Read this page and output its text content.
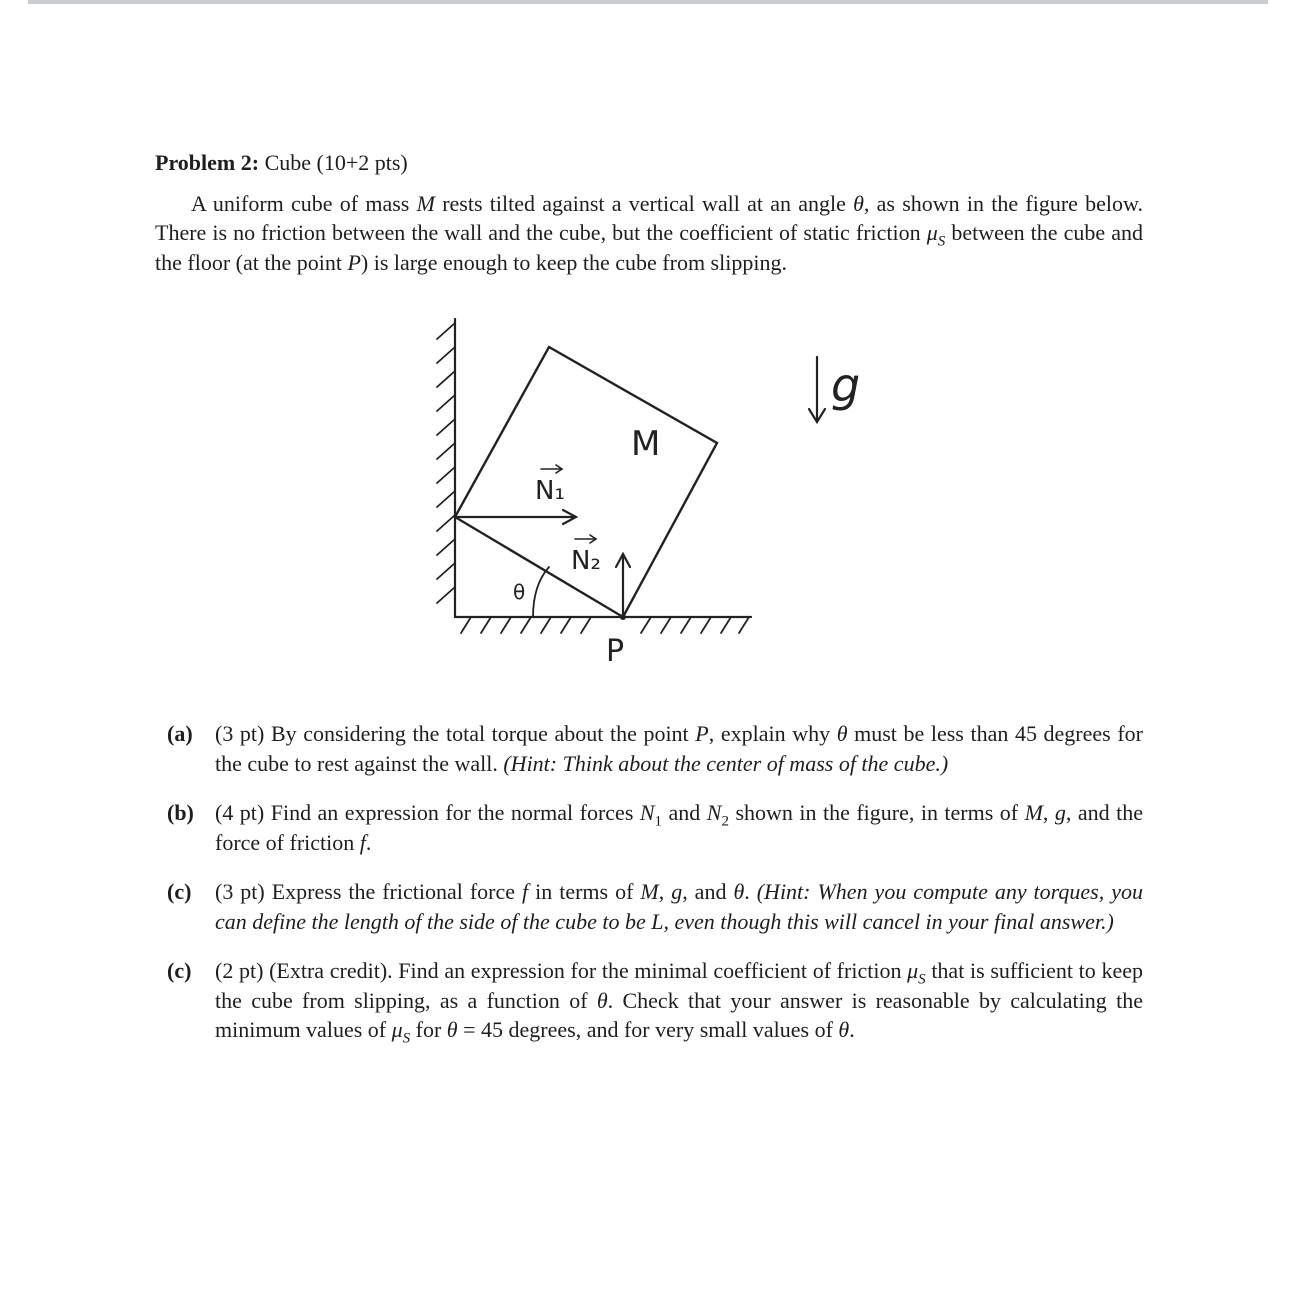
Problem 2: Cube (10+2 pts)

A uniform cube of mass M rests tilted against a vertical wall at an angle θ, as shown in the figure below. There is no friction between the wall and the cube, but the coefficient of static friction $\mu_S$ between the cube and the floor (at the point P) is large enough to keep the cube from slipping.

M
N₁
N₂
θ
P
g
(a) (3 pt) By considering the total torque about the point P, explain why θ must be less than 45 degrees for the cube to rest against the wall. (Hint: Think about the center of mass of the cube.)
(b) (4 pt) Find an expression for the normal forces $N_1$ and $N_2$ shown in the figure, in terms of M, g, and the force of friction f.
(c) (3 pt) Express the frictional force f in terms of M, g, and θ. (Hint: When you compute any torques, you can define the length of the side of the cube to be L, even though this will cancel in your final answer.)
(c) (2 pt) (Extra credit). Find an expression for the minimal coefficient of friction $\mu_S$ that is sufficient to keep the cube from slipping, as a function of θ. Check that your answer is reasonable by calculating the minimum values of $\mu_S$ for θ = 45 degrees, and for very small values of θ.
